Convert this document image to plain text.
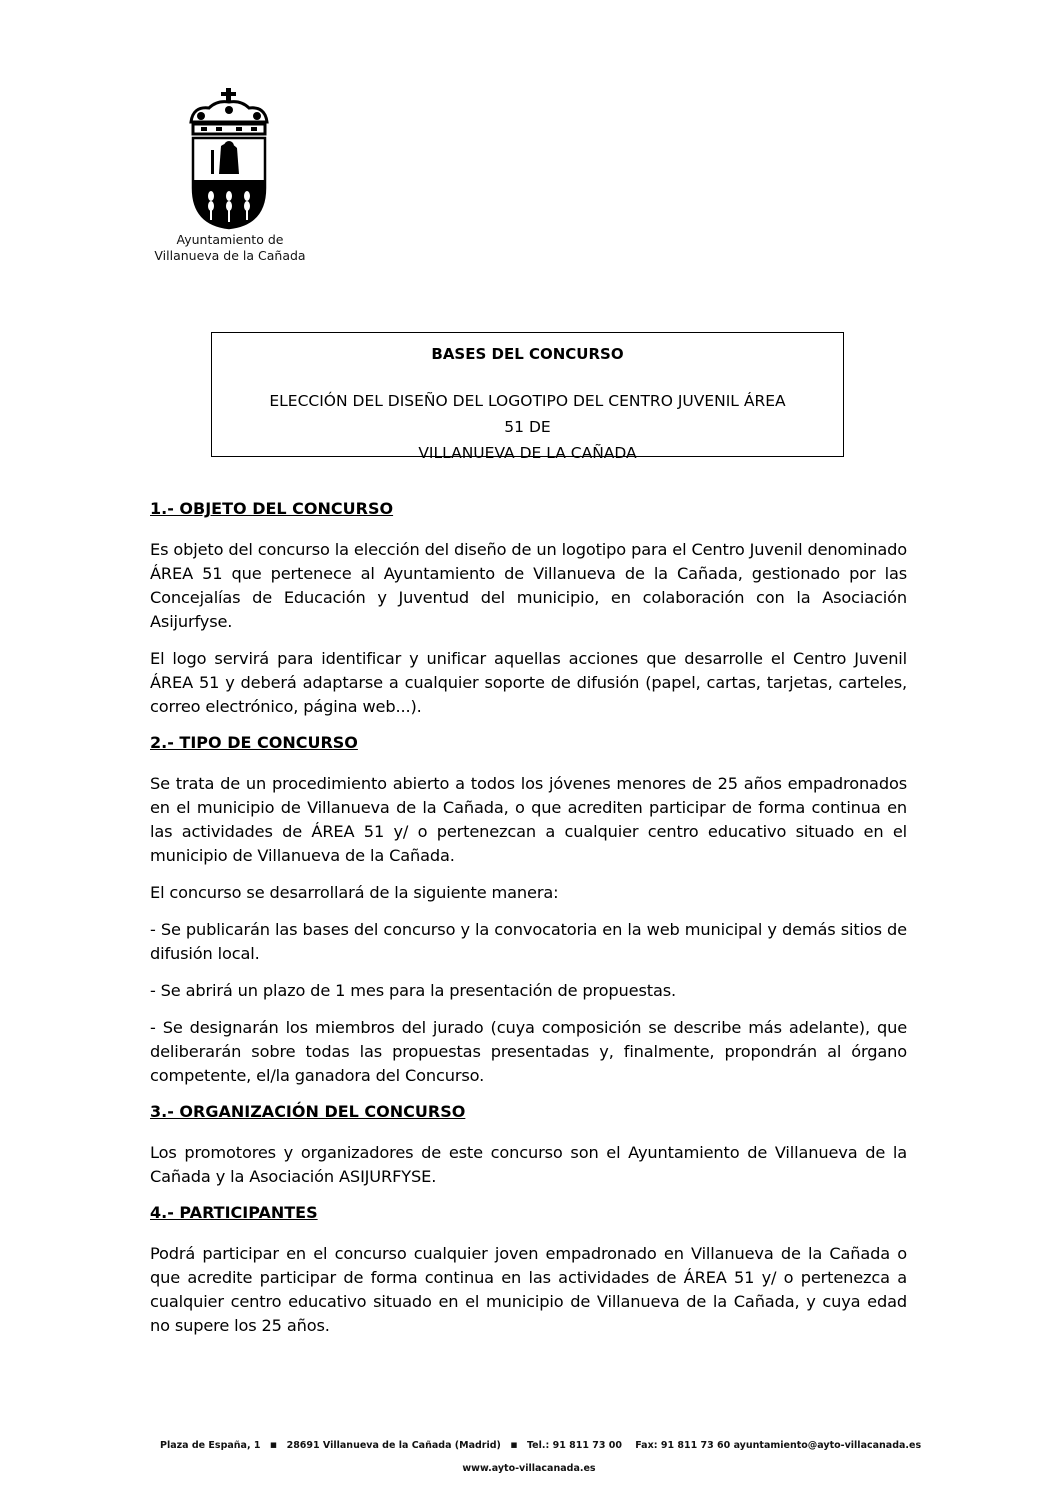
Ayuntamiento de
Villanueva de la Cañada
BASES DEL CONCURSO
ELECCIÓN DEL DISEÑO DEL LOGOTIPO DEL CENTRO JUVENIL ÁREA 51 DE
VILLANUEVA DE LA CAÑADA
1.- OBJETO DEL CONCURSO

Es objeto del concurso la elección del diseño de un logotipo para el Centro Juvenil denominado ÁREA 51 que pertenece al Ayuntamiento de Villanueva de la Cañada, gestionado por las Concejalías de Educación y Juventud del municipio, en colaboración con la Asociación Asijurfyse.

El logo servirá para identificar y unificar aquellas acciones que desarrolle el Centro Juvenil ÁREA 51 y deberá adaptarse a cualquier soporte de difusión (papel, cartas, tarjetas, carteles, correo electrónico, página web...).

2.- TIPO DE CONCURSO

Se trata de un procedimiento abierto a todos los jóvenes menores de 25 años empadronados en el municipio de Villanueva de la Cañada, o que acrediten participar de forma continua en las actividades de ÁREA 51 y/ o pertenezcan a cualquier centro educativo situado en el municipio de Villanueva de la Cañada.

El concurso se desarrollará de la siguiente manera:

- Se publicarán las bases del concurso y la convocatoria en la web municipal y demás sitios de difusión local.

- Se abrirá un plazo de 1 mes para la presentación de propuestas.

- Se designarán los miembros del jurado (cuya composición se describe más adelante), que deliberarán sobre todas las propuestas presentadas y, finalmente, propondrán al órgano competente, el/la ganadora del Concurso.

3.- ORGANIZACIÓN DEL CONCURSO

Los promotores y organizadores de este concurso son el Ayuntamiento de Villanueva de la Cañada y la Asociación ASIJURFYSE.

4.- PARTICIPANTES

Podrá participar en el concurso cualquier joven empadronado en Villanueva de la Cañada o que acredite participar de forma continua en las actividades de ÁREA 51 y/ o pertenezca a cualquier centro educativo situado en el municipio de Villanueva de la Cañada, y cuya edad no supere los 25 años.

Plaza de España, 1 ▪ 28691 Villanueva de la Cañada (Madrid) ▪ Tel.: 91 811 73 00 Fax: 91 811 73 60 ayuntamiento@ayto-villacanada.es
www.ayto-villacanada.es
